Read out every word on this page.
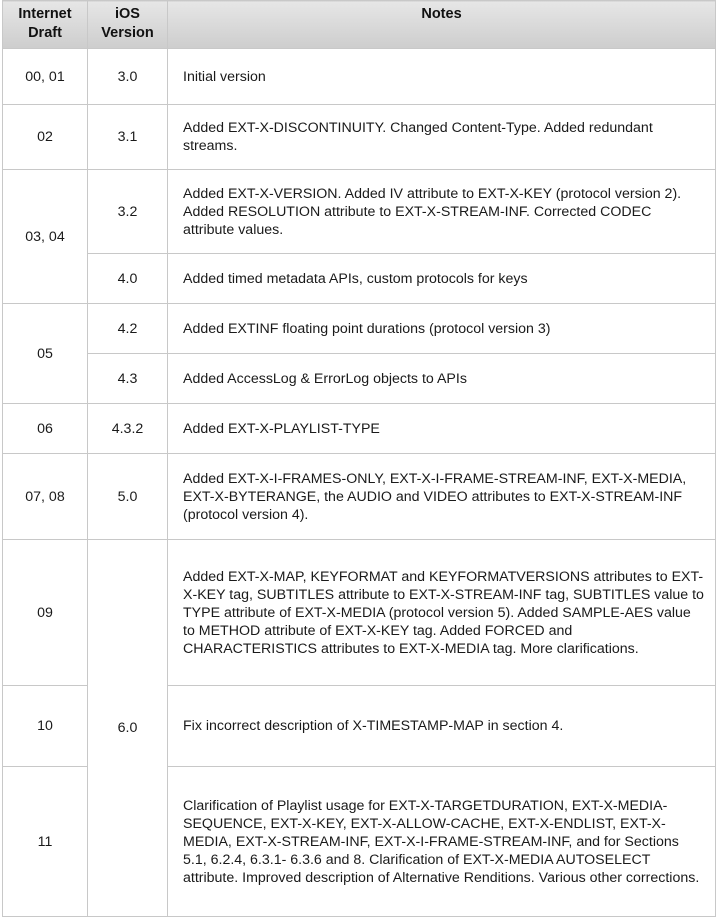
Internet Draft	iOS Version	Notes
00, 01	3.0	Initial version
02	3.1	Added EXT-X-DISCONTINUITY. Changed Content-Type. Added redundant streams.
03, 04	3.2	Added EXT-X-VERSION. Added IV attribute to EXT-X-KEY (protocol version 2). Added RESOLUTION attribute to EXT-X-STREAM-INF. Corrected CODEC attribute values.
	4.0	Added timed metadata APIs, custom protocols for keys
05	4.2	Added EXTINF floating point durations (protocol version 3)
	4.3	Added AccessLog & ErrorLog objects to APIs
06	4.3.2	Added EXT-X-PLAYLIST-TYPE
07, 08	5.0	Added EXT-X-I-FRAMES-ONLY, EXT-X-I-FRAME-STREAM-INF, EXT-X-MEDIA, EXT-X-BYTERANGE, the AUDIO and VIDEO attributes to EXT-X-STREAM-INF (protocol version 4).
09	6.0	Added EXT-X-MAP, KEYFORMAT and KEYFORMATVERSIONS attributes to EXT-X-KEY tag, SUBTITLES attribute to EXT-X-STREAM-INF tag, SUBTITLES value to TYPE attribute of EXT-X-MEDIA (protocol version 5). Added SAMPLE-AES value to METHOD attribute of EXT-X-KEY tag. Added FORCED and CHARACTERISTICS attributes to EXT-X-MEDIA tag. More clarifications.
10		Fix incorrect description of X-TIMESTAMP-MAP in section 4.
11		Clarification of Playlist usage for EXT-X-TARGETDURATION, EXT-X-MEDIA-SEQUENCE, EXT-X-KEY, EXT-X-ALLOW-CACHE, EXT-X-ENDLIST, EXT-X-MEDIA, EXT-X-STREAM-INF, EXT-X-I-FRAME-STREAM-INF, and for Sections 5.1, 6.2.4, 6.3.1- 6.3.6 and 8. Clarification of EXT-X-MEDIA AUTOSELECT attribute. Improved description of Alternative Renditions. Various other corrections.
